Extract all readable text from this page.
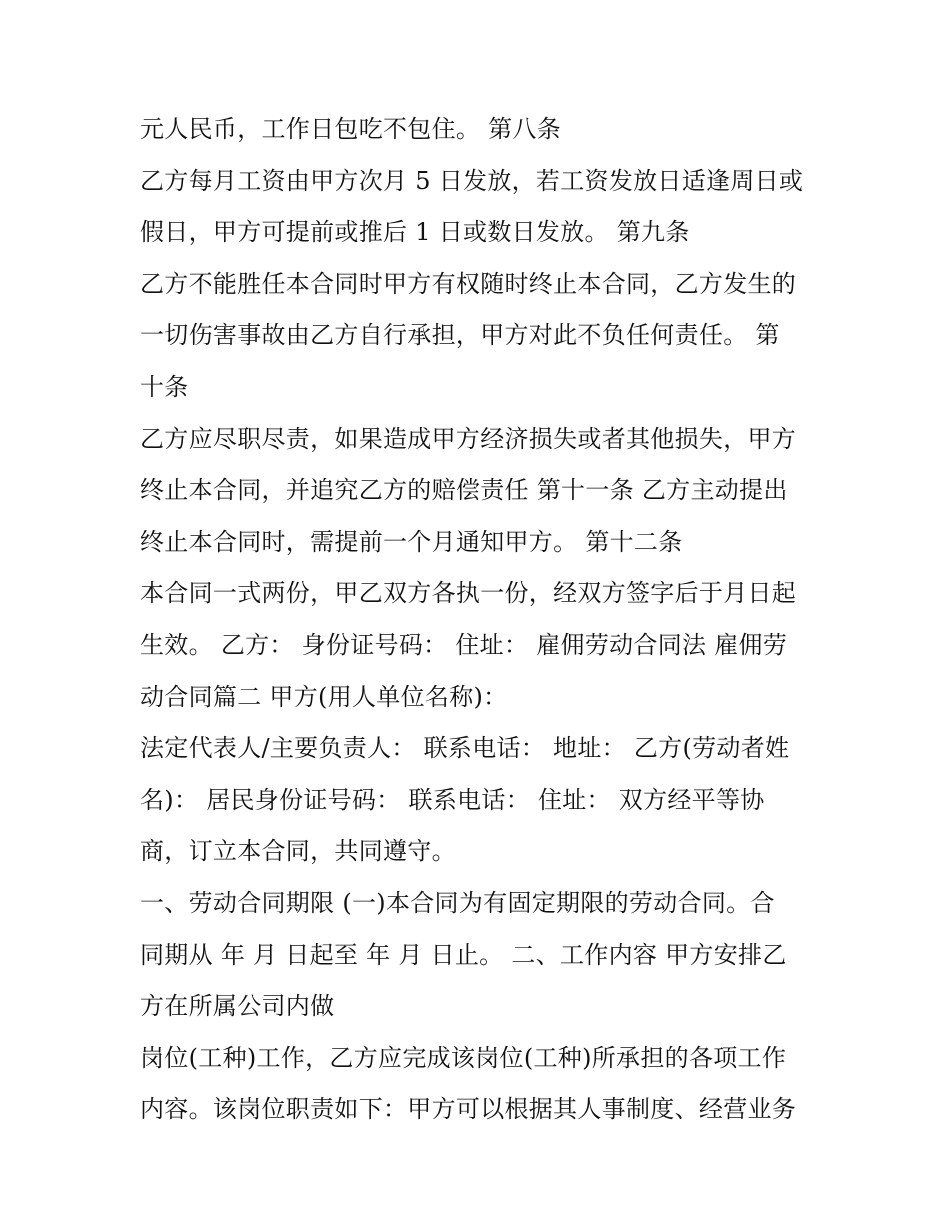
元人民币，工作日包吃不包住。 第八条
乙方每月工资由甲方次月 5 日发放，若工资发放日适逢周日或
假日，甲方可提前或推后 1 日或数日发放。 第九条
乙方不能胜任本合同时甲方有权随时终止本合同，乙方发生的
一切伤害事故由乙方自行承担，甲方对此不负任何责任。 第
十条
乙方应尽职尽责，如果造成甲方经济损失或者其他损失，甲方
终止本合同，并追究乙方的赔偿责任 第十一条 乙方主动提出
终止本合同时，需提前一个月通知甲方。 第十二条
本合同一式两份，甲乙双方各执一份，经双方签字后于月日起
生效。 乙方： 身份证号码： 住址： 雇佣劳动合同法 雇佣劳
动合同篇二 甲方(用人单位名称)：
法定代表人/主要负责人： 联系电话： 地址： 乙方(劳动者姓
名)： 居民身份证号码： 联系电话： 住址： 双方经平等协
商，订立本合同，共同遵守。
一、劳动合同期限 (一)本合同为有固定期限的劳动合同。合
同期从 年 月 日起至 年 月 日止。 二、工作内容 甲方安排乙
方在所属公司内做
岗位(工种)工作，乙方应完成该岗位(工种)所承担的各项工作
内容。该岗位职责如下：甲方可以根据其人事制度、经营业务
